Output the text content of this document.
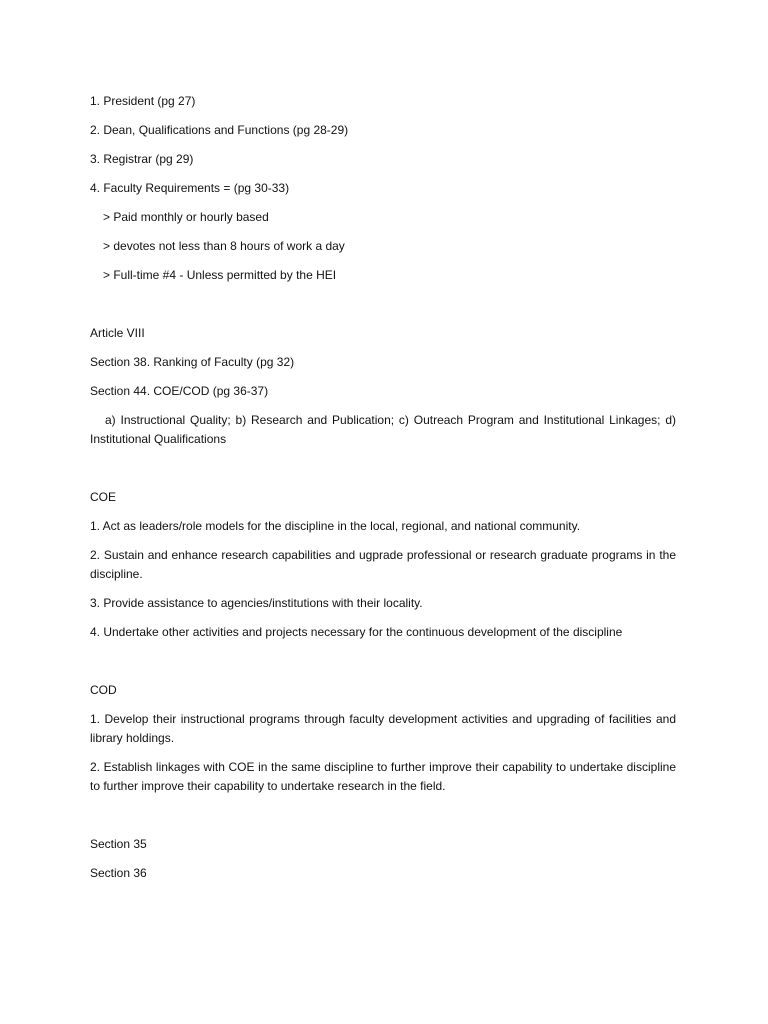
1. President (pg 27)

2. Dean, Qualifications and Functions (pg 28-29)

3. Registrar (pg 29)

4. Faculty Requirements = (pg 30-33)

> Paid monthly or hourly based

> devotes not less than 8 hours of work a day

> Full-time #4 - Unless permitted by the HEI

Article VIII

Section 38. Ranking of Faculty (pg 32)

Section 44. COE/COD (pg 36-37)

a) Instructional Quality; b) Research and Publication; c) Outreach Program and Institutional Linkages; d) Institutional Qualifications

COE

1. Act as leaders/role models for the discipline in the local, regional, and national community.

2. Sustain and enhance research capabilities and ugprade professional or research graduate programs in the discipline.

3. Provide assistance to agencies/institutions with their locality.

4. Undertake other activities and projects necessary for the continuous development of the discipline

COD

1. Develop their instructional programs through faculty development activities and upgrading of facilities and library holdings.

2. Establish linkages with COE in the same discipline to further improve their capability to undertake discipline to further improve their capability to undertake research in the field.

Section 35

Section 36
